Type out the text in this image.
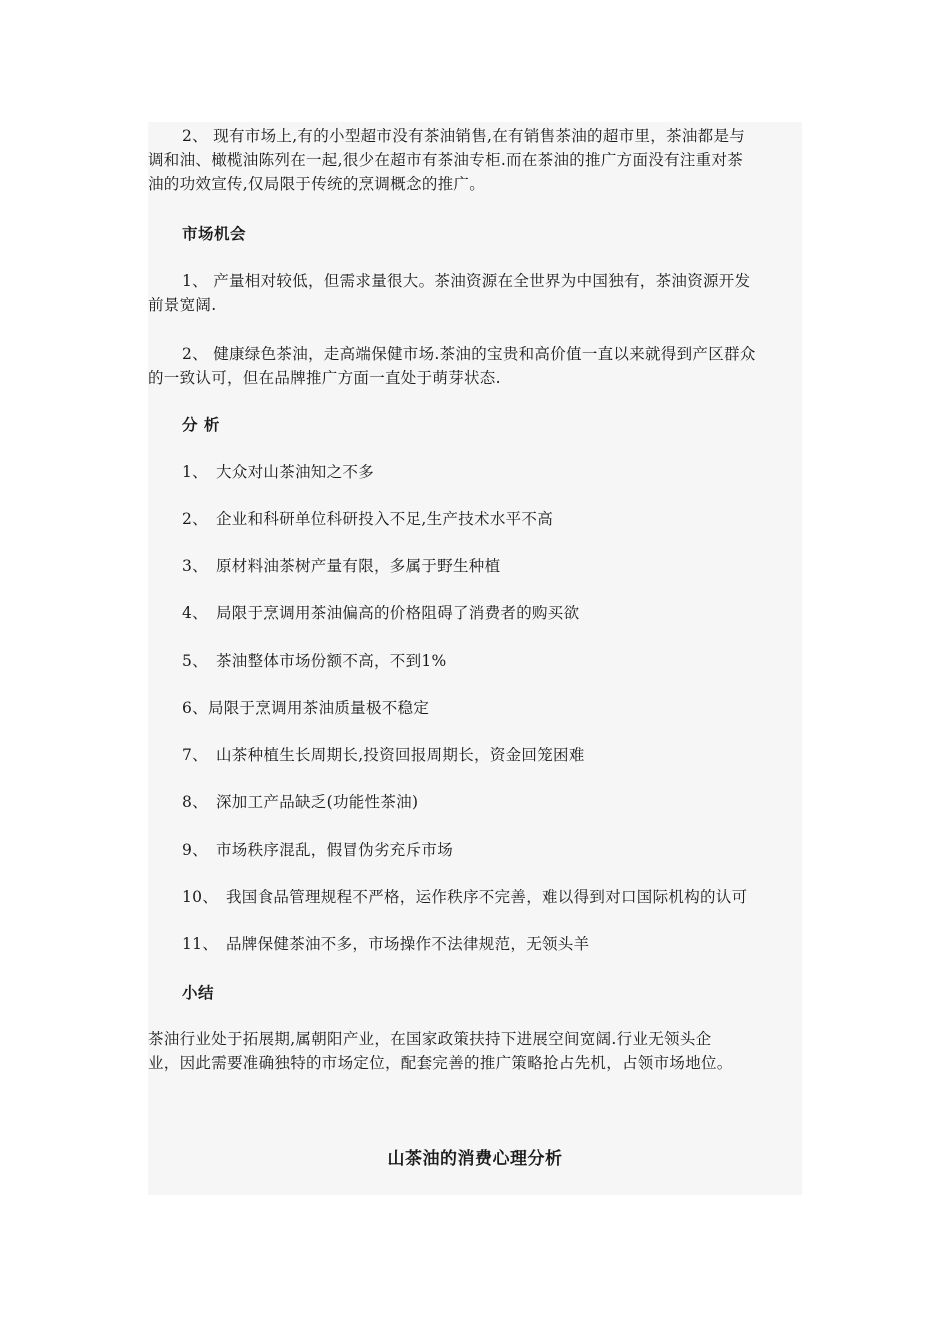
2、 现有市场上,有的小型超市没有茶油销售,在有销售茶油的超市里，茶油都是与
调和油、橄榄油陈列在一起,很少在超市有茶油专柜.而在茶油的推广方面没有注重对茶
油的功效宣传,仅局限于传统的烹调概念的推广。

市场机会

1、 产量相对较低，但需求量很大。茶油资源在全世界为中国独有，茶油资源开发
前景宽阔.

2、 健康绿色茶油，走高端保健市场.茶油的宝贵和高价值一直以来就得到产区群众
的一致认可，但在品牌推广方面一直处于萌芽状态.

分 析

1、 大众对山茶油知之不多

2、 企业和科研单位科研投入不足,生产技术水平不高

3、 原材料油茶树产量有限，多属于野生种植

4、 局限于烹调用茶油偏高的价格阻碍了消费者的购买欲

5、 茶油整体市场份额不高，不到1%

6、局限于烹调用茶油质量极不稳定

7、 山茶种植生长周期长,投资回报周期长，资金回笼困难

8、 深加工产品缺乏(功能性茶油)

9、 市场秩序混乱，假冒伪劣充斥市场

10、 我国食品管理规程不严格，运作秩序不完善，难以得到对口国际机构的认可

11、 品牌保健茶油不多，市场操作不法律规范，无领头羊

小结

茶油行业处于拓展期,属朝阳产业，在国家政策扶持下进展空间宽阔.行业无领头企
业，因此需要准确独特的市场定位，配套完善的推广策略抢占先机，占领市场地位。

山茶油的消费心理分析
